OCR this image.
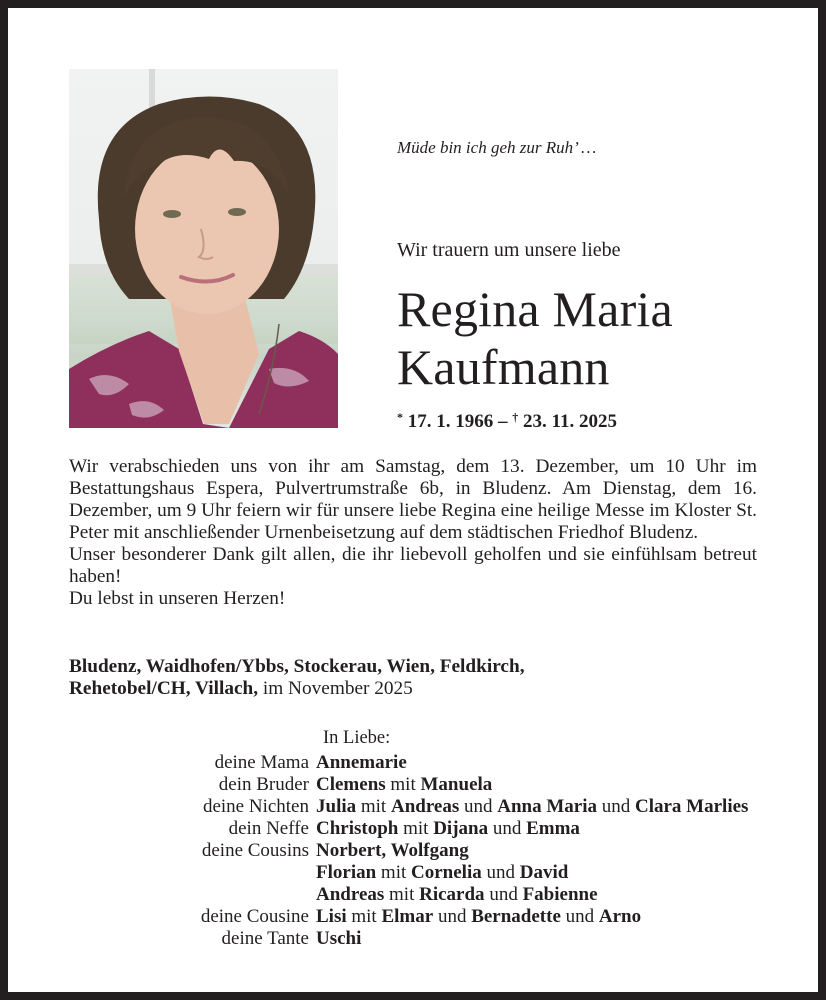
Müde bin ich geh zur Ruh’ …
Wir trauern um unsere liebe
Regina Maria
Kaufmann
* 17. 1. 1966 – † 23. 11. 2025

Wir verabschieden uns von ihr am Samstag, dem 13. Dezember, um 10 Uhr im Bestattungshaus Espera, Pulvertrumstraße 6b, in Bludenz. Am Dienstag, dem 16. Dezember, um 9 Uhr feiern wir für unsere liebe Regina eine heilige Messe im Kloster St. Peter mit anschließender Urnenbeisetzung auf dem städtischen Friedhof Bludenz.

Unser besonderer Dank gilt allen, die ihr liebevoll geholfen und sie einfühlsam betreut haben!

Du lebst in unseren Herzen!

Bludenz, Waidhofen/Ybbs, Stockerau, Wien, Feldkirch,
Rehetobel/CH, Villach, im November 2025
In Liebe:
deine Mama Annemarie
dein Bruder Clemens mit Manuela
deine Nichten Julia mit Andreas und Anna Maria und Clara Marlies
dein Neffe Christoph mit Dijana und Emma
deine Cousins Norbert, Wolfgang
Florian mit Cornelia und David
Andreas mit Ricarda und Fabienne
deine Cousine Lisi mit Elmar und Bernadette und Arno
deine Tante Uschi
